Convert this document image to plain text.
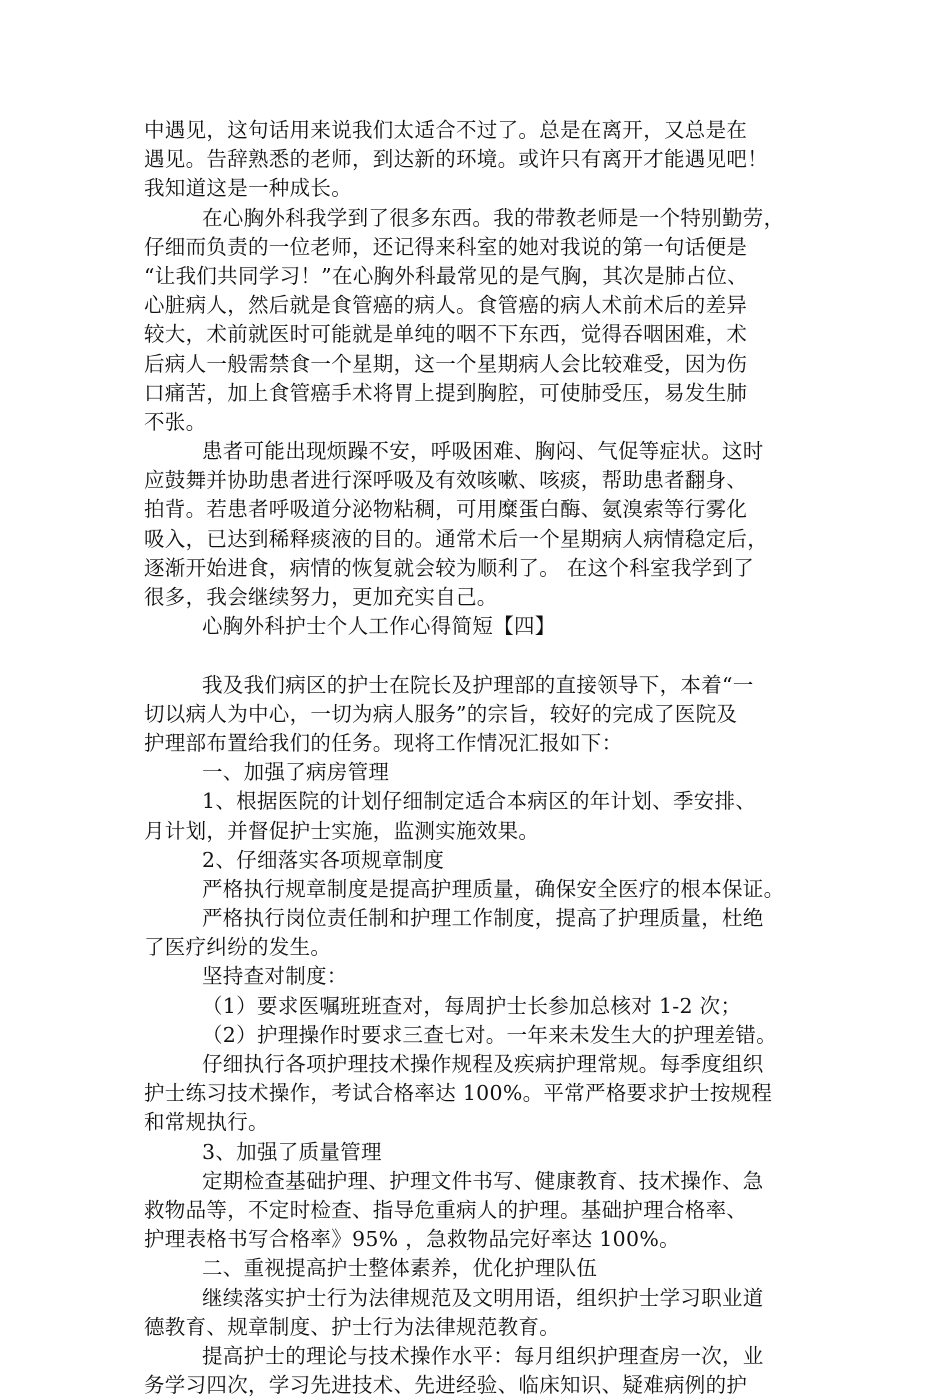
中遇见，这句话用来说我们太适合不过了。总是在离开，又总是在
遇见。告辞熟悉的老师，到达新的环境。或许只有离开才能遇见吧！
我知道这是一种成长。
在心胸外科我学到了很多东西。我的带教老师是一个特别勤劳，
仔细而负责的一位老师，还记得来科室的她对我说的第一句话便是
“让我们共同学习！”在心胸外科最常见的是气胸，其次是肺占位、
心脏病人，然后就是食管癌的病人。食管癌的病人术前术后的差异
较大，术前就医时可能就是单纯的咽不下东西，觉得吞咽困难，术
后病人一般需禁食一个星期，这一个星期病人会比较难受，因为伤
口痛苦，加上食管癌手术将胃上提到胸腔，可使肺受压，易发生肺
不张。
患者可能出现烦躁不安，呼吸困难、胸闷、气促等症状。这时
应鼓舞并协助患者进行深呼吸及有效咳嗽、咳痰，帮助患者翻身、
拍背。若患者呼吸道分泌物粘稠，可用糜蛋白酶、氨溴索等行雾化
吸入，已达到稀释痰液的目的。通常术后一个星期病人病情稳定后，
逐渐开始进食，病情的恢复就会较为顺利了。 在这个科室我学到了
很多，我会继续努力，更加充实自己。
心胸外科护士个人工作心得简短【四】
我及我们病区的护士在院长及护理部的直接领导下，本着“一
切以病人为中心，一切为病人服务”的宗旨，较好的完成了医院及
护理部布置给我们的任务。现将工作情况汇报如下：
一、加强了病房管理
1、根据医院的计划仔细制定适合本病区的年计划、季安排、
月计划，并督促护士实施，监测实施效果。
2、仔细落实各项规章制度
严格执行规章制度是提高护理质量，确保安全医疗的根本保证。
严格执行岗位责任制和护理工作制度，提高了护理质量，杜绝
了医疗纠纷的发生。
坚持查对制度：
（1）要求医嘱班班查对，每周护士长参加总核对 1-2 次；
（2）护理操作时要求三查七对。一年来未发生大的护理差错。
仔细执行各项护理技术操作规程及疾病护理常规。每季度组织
护士练习技术操作，考试合格率达 100%。平常严格要求护士按规程
和常规执行。
3、加强了质量管理
定期检查基础护理、护理文件书写、健康教育、技术操作、急
救物品等，不定时检查、指导危重病人的护理。基础护理合格率、
护理表格书写合格率》95% ，急救物品完好率达 100%。
二、重视提高护士整体素养，优化护理队伍
继续落实护士行为法律规范及文明用语，组织护士学习职业道
德教育、规章制度、护士行为法律规范教育。
提高护士的理论与技术操作水平：每月组织护理查房一次，业
务学习四次，学习先进技术、先进经验、临床知识、疑难病例的护
